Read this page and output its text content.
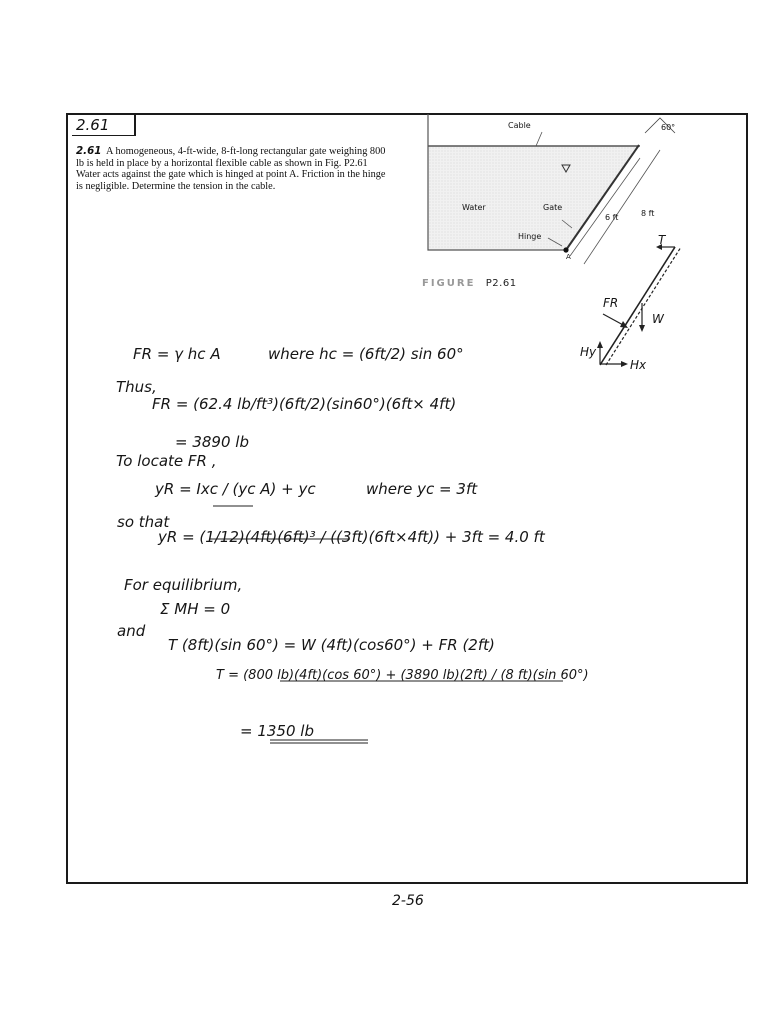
2.61
2.61 A homogeneous, 4-ft-wide, 8-ft-long rectangular gate weighing 800 lb is held in place by a horizontal flexible cable as shown in Fig. P2.61 Water acts against the gate which is hinged at point A. Friction in the hinge is negligible. Determine the tension in the cable.
Cable	60°
Water	Gate
Hinge
A
6 ft	8 ft
FIGURE P2.61
T
FR
W
Hy
Hx
FR = γ hc A	where hc = (6ft/2) sin 60°
Thus,
FR = (62.4 lb/ft³)(6ft/2)(sin60°)(6ft× 4ft)
= 3890 lb
To locate FR ,
yR = Ixc / (yc A) + yc	where yc = 3ft
so that
yR = (1/12)(4ft)(6ft)³ / ((3ft)(6ft×4ft)) + 3ft = 4.0 ft
For equilibrium,
Σ MH = 0
and
T (8ft)(sin 60°) = W (4ft)(cos60°) + FR (2ft)
T = (800 lb)(4ft)(cos 60°) + (3890 lb)(2ft) / (8 ft)(sin 60°)
= 1350 lb
2-56
